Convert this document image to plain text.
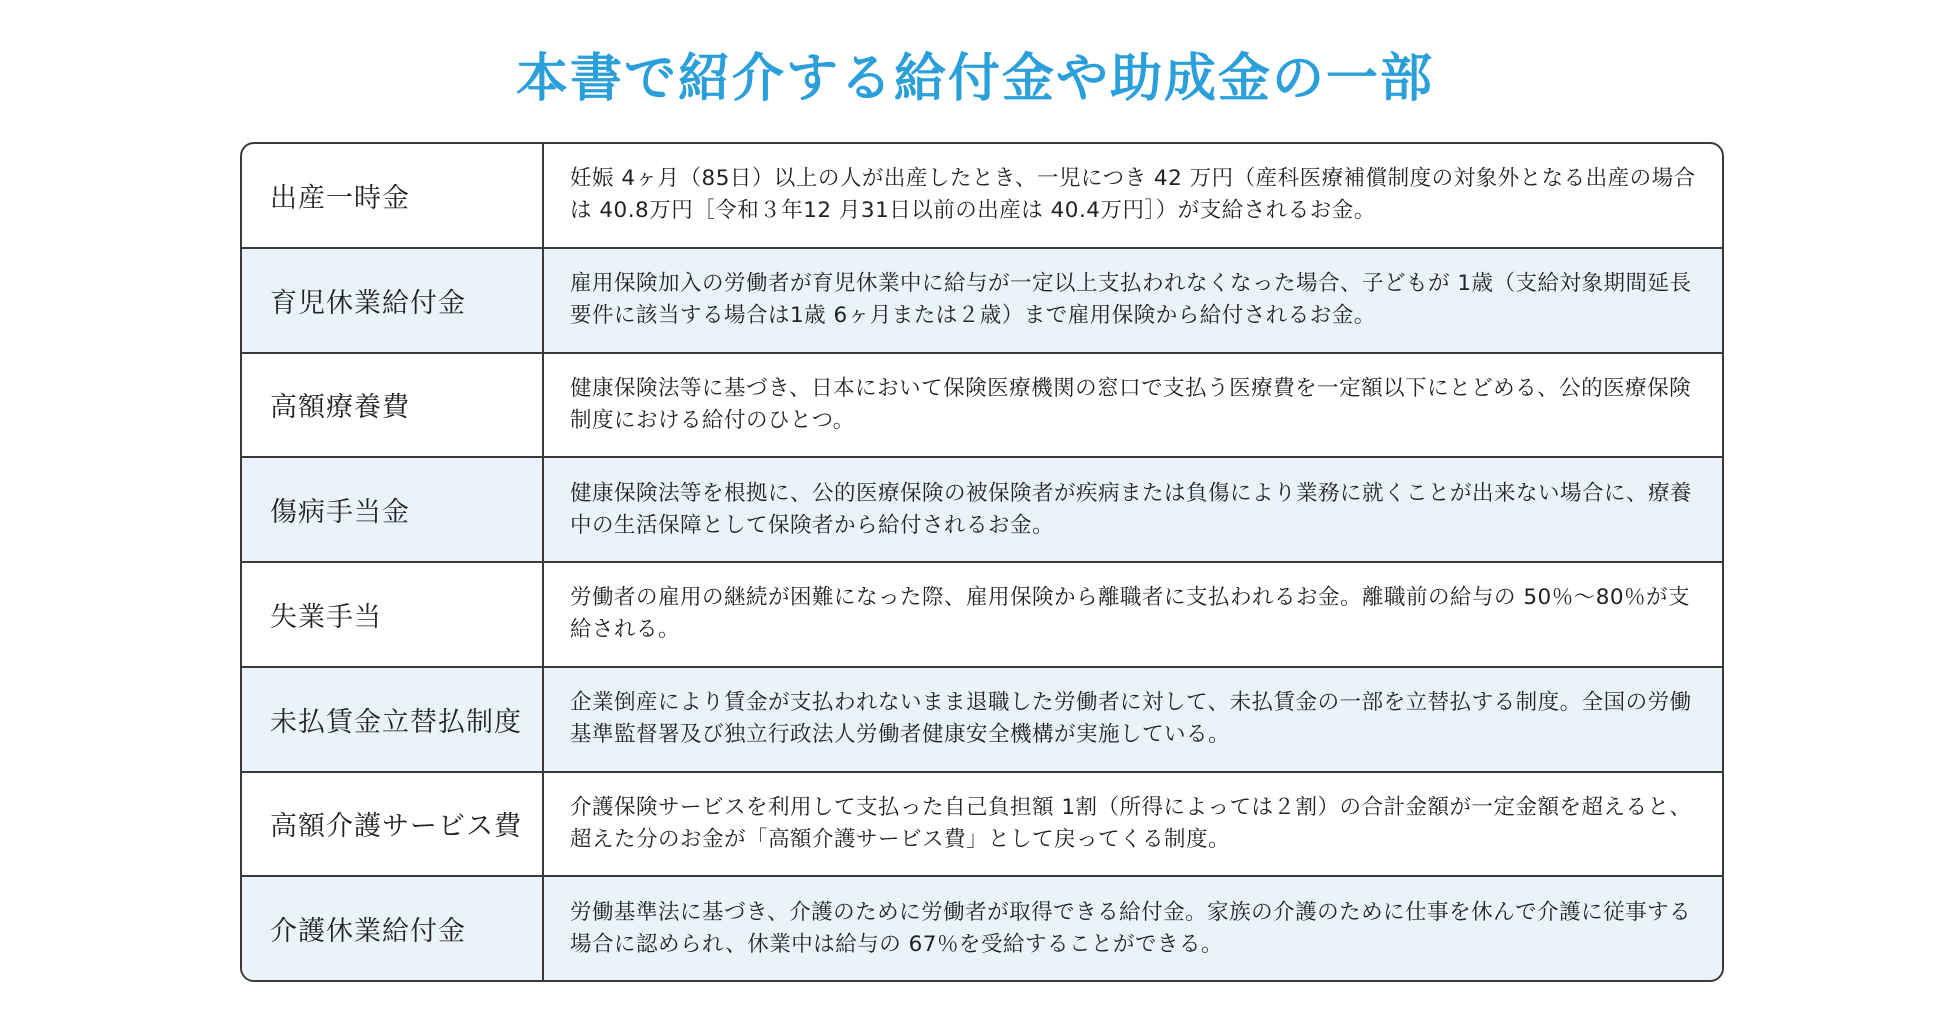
本書で紹介する給付金や助成金の一部
出産一時金
妊娠 4ヶ月（85日）以上の人が出産したとき、一児につき 42 万円（産科医療補償制度の対象外となる出産の場合は 40.8万円［令和３年12 月31日以前の出産は 40.4万円］）が支給されるお金。
育児休業給付金
雇用保険加入の労働者が育児休業中に給与が一定以上支払われなくなった場合、子どもが 1歳（支給対象期間延長要件に該当する場合は1歳 6ヶ月または２歳）まで雇用保険から給付されるお金。
高額療養費
健康保険法等に基づき、日本において保険医療機関の窓口で支払う医療費を一定額以下にとどめる、公的医療保険制度における給付のひとつ。
傷病手当金
健康保険法等を根拠に、公的医療保険の被保険者が疾病または負傷により業務に就くことが出来ない場合に、療養中の生活保障として保険者から給付されるお金。
失業手当
労働者の雇用の継続が困難になった際、雇用保険から離職者に支払われるお金。離職前の給与の 50％～80％が支給される。
未払賃金立替払制度
企業倒産により賃金が支払われないまま退職した労働者に対して、未払賃金の一部を立替払する制度。全国の労働基準監督署及び独立行政法人労働者健康安全機構が実施している。
高額介護サービス費
介護保険サービスを利用して支払った自己負担額 1割（所得によっては２割）の合計金額が一定金額を超えると、超えた分のお金が「高額介護サービス費」として戻ってくる制度。
介護休業給付金
労働基準法に基づき、介護のために労働者が取得できる給付金。家族の介護のために仕事を休んで介護に従事する場合に認められ、休業中は給与の 67％を受給することができる。
